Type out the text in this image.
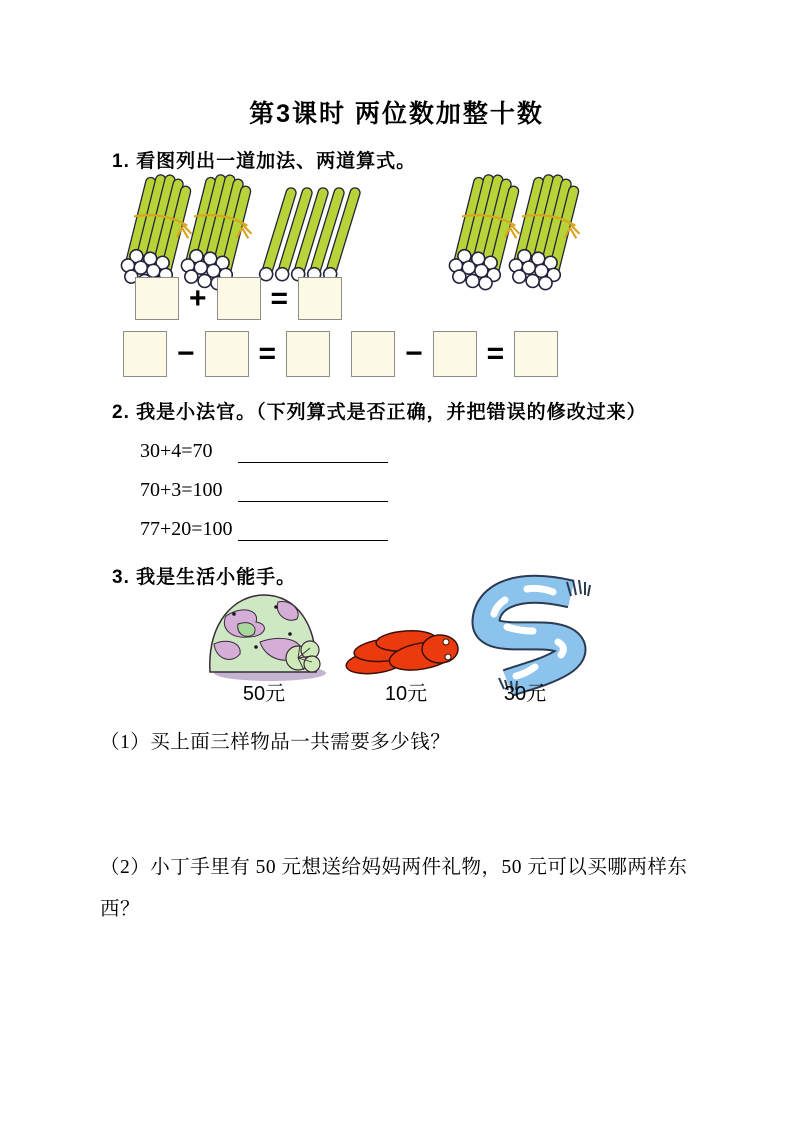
第3课时 两位数加整十数
1. 看图列出一道加法、两道算式。
+ =
− =	− =
2. 我是小法官。（下列算式是否正确，并把错误的修改过来）
30+4=70
70+3=100
77+20=100
3. 我是生活小能手。
50元	10元	30元
（1）买上面三样物品一共需要多少钱？
（2）小丁手里有 50 元想送给妈妈两件礼物，50 元可以买哪两样东
西？
